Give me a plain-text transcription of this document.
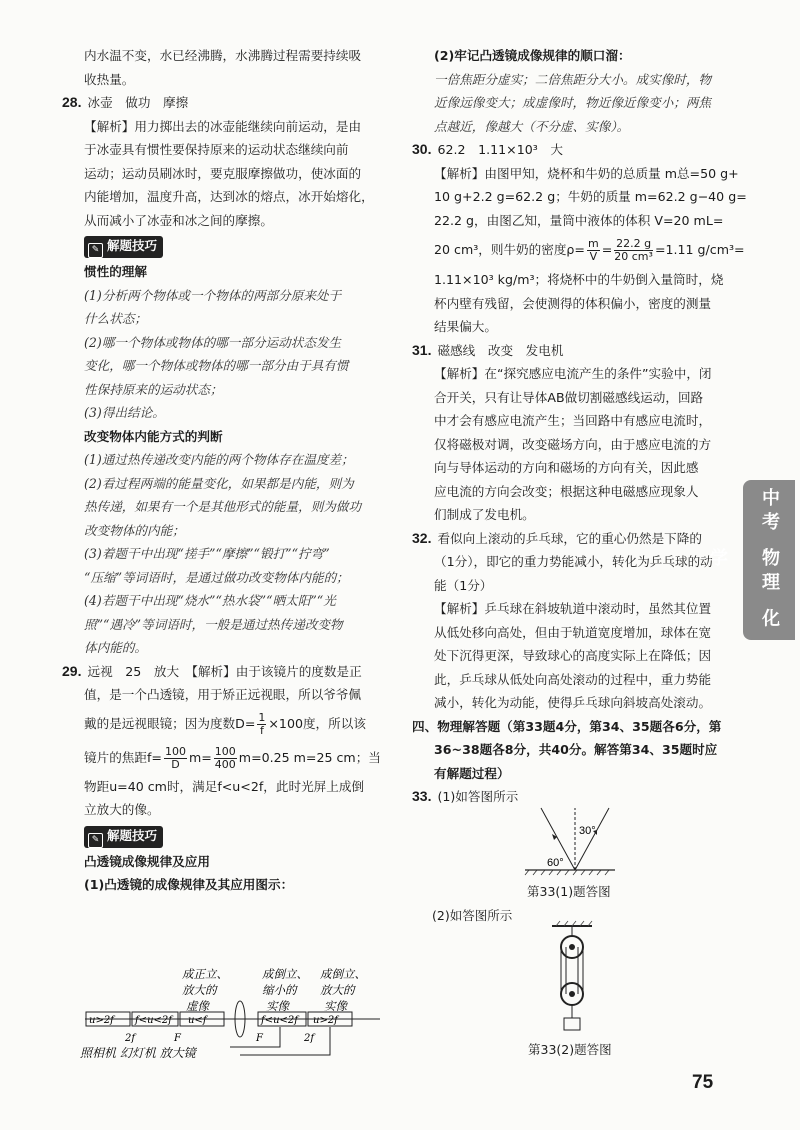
内水温不变，水已经沸腾，水沸腾过程需要持续吸

收热量。

28. 冰壶　做功　摩擦

【解析】用力掷出去的冰壶能继续向前运动，是由

于冰壶具有惯性要保持原来的运动状态继续向前

运动；运动员刷冰时，要克服摩擦做功，使冰面的

内能增加，温度升高，达到冰的熔点，冰开始熔化，

从而减小了冰壶和冰之间的摩擦。

✎ 解题技巧

惯性的理解

(1)分析两个物体或一个物体的两部分原来处于

什么状态；

(2)哪一个物体或物体的哪一部分运动状态发生

变化，哪一个物体或物体的哪一部分由于具有惯

性保持原来的运动状态；

(3)得出结论。

改变物体内能方式的判断

(1)通过热传递改变内能的两个物体存在温度差；

(2)看过程两端的能量变化，如果都是内能，则为

热传递，如果有一个是其他形式的能量，则为做功

改变物体的内能；

(3)着题干中出现“搓手”“摩擦”“锻打”“拧弯”

“压缩”等词语时，是通过做功改变物体内能的；

(4)若题干中出现“烧水”“热水袋”“晒太阳”“光

照”“遇冷”等词语时，一般是通过热传递改变物

体内能的。

29. 远视　25　放大　【解析】由于该镜片的度数是正

值，是一个凸透镜，用于矫正远视眼，所以爷爷佩

戴的是远视眼镜；因为度数$D= \frac{1}{f} \times 100$度，所以该

镜片的焦距$f= \frac{100}{D} m= \frac{100}{400} m=0.25$ m=25 cm；当

物距u=40 cm时，满足f<u<2f，此时光屏上成倒

立放大的像。

✎ 解题技巧

凸透镜成像规律及应用

(1)凸透镜的成像规律及其应用图示：

成正立、
放大的
虚像
成倒立、
缩小的
实像
成倒立、
放大的
实像
u>2f f<u<2f u<f	f<u<2f u>2f
2f	F	F	2f
照相机 幻灯机 放大镜

(2)牢记凸透镜成像规律的顺口溜：

一倍焦距分虚实；二倍焦距分大小。成实像时，物

近像远像变大；成虚像时，物近像近像变小；两焦

点越近，像越大（不分虚、实像）。

30. 62.2　1.11×10³　大

【解析】由图甲知，烧杯和牛奶的总质量 m总=50 g+

10 g+2.2 g=62.2 g；牛奶的质量 m=62.2 g−40 g=

22.2 g，由图乙知，量筒中液体的体积 V=20 mL=

20 cm³，则牛奶的密度$\rho= \frac{m}{V} = \frac{22.2 g}{\text{20 cm³}} =1.11$ g/cm³=

1.11×10³ kg/m³；将烧杯中的牛奶倒入量筒时，烧

杯内壁有残留，会使测得的体积偏小，密度的测量

结果偏大。

31. 磁感线　改变　发电机

【解析】在“探究感应电流产生的条件”实验中，闭

合开关，只有让导体AB做切割磁感线运动，回路

中才会有感应电流产生；当回路中有感应电流时，

仅将磁极对调，改变磁场方向，由于感应电流的方

向与导体运动的方向和磁场的方向有关，因此感

应电流的方向会改变；根据这种电磁感应现象人

们制成了发电机。

32. 看似向上滚动的乒乓球，它的重心仍然是下降的

（1分），即它的重力势能减小，转化为乒乓球的动

能（1分）

【解析】乒乓球在斜坡轨道中滚动时，虽然其位置

从低处移向高处，但由于轨道宽度增加，球体在宽

处下沉得更深，导致球心的高度实际上在降低；因

此，乒乓球从低处向高处滚动的过程中，重力势能

减小，转化为动能，使得乒乓球向斜坡高处滚动。

四、物理解答题（第33题4分，第34、35题各6分，第

36~38题各8分，共40分。解答第34、35题时应

有解题过程）

33. (1)如答图所示

30°
60°
第33(1)题答图
(2)如答图所示
第33(2)题答图
中考 物理 化学
75
